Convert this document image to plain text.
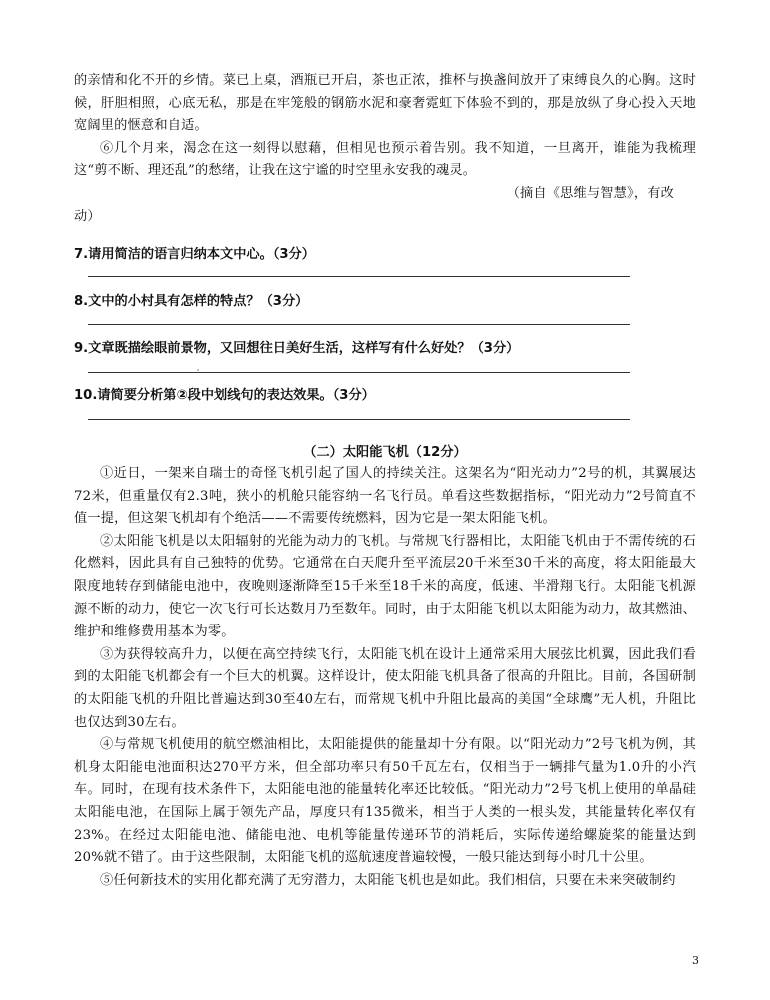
的亲情和化不开的乡情。菜已上桌，酒瓶已开启，茶也正浓，推杯与换盏间放开了束缚良久的心胸。这时候，肝胆相照，心底无私，那是在牢笼般的钢筋水泥和豪奢霓虹下体验不到的，那是放纵了身心投入天地宽阔里的惬意和自适。

⑥几个月来，渴念在这一刻得以慰藉，但相见也预示着告别。我不知道，一旦离开，谁能为我梳理这“剪不断、理还乱”的愁绪，让我在这宁谧的时空里永安我的魂灵。

（摘自《思维与智慧》，有改

动）

7.请用简洁的语言归纳本文中心。（3分）
8.文中的小村具有怎样的特点？（3分）
9.文章既描绘眼前景物，又回想往日美好生活，这样写有什么好处？（3分）
10.请简要分析第②段中划线句的表达效果。（3分）
（二）太阳能飞机（12分）

①近日，一架来自瑞士的奇怪飞机引起了国人的持续关注。这架名为“阳光动力”2号的机，其翼展达72米，但重量仅有2.3吨，狭小的机舱只能容纳一名飞行员。单看这些数据指标，“阳光动力”2号简直不值一提，但这架飞机却有个绝活——不需要传统燃料，因为它是一架太阳能飞机。

②太阳能飞机是以太阳辐射的光能为动力的飞机。与常规飞行器相比，太阳能飞机由于不需传统的石化燃料，因此具有自己独特的优势。它通常在白天爬升至平流层20千米至30千米的高度，将太阳能最大限度地转存到储能电池中，夜晚则逐渐降至15千米至18千米的高度，低速、半滑翔飞行。太阳能飞机源源不断的动力，使它一次飞行可长达数月乃至数年。同时，由于太阳能飞机以太阳能为动力，故其燃油、维护和维修费用基本为零。

③为获得较高升力，以便在高空持续飞行，太阳能飞机在设计上通常采用大展弦比机翼，因此我们看到的太阳能飞机都会有一个巨大的机翼。这样设计，使太阳能飞机具备了很高的升阻比。目前，各国研制的太阳能飞机的升阻比普遍达到30至40左右，而常规飞机中升阻比最高的美国“全球鹰”无人机，升阻比也仅达到30左右。

④与常规飞机使用的航空燃油相比，太阳能提供的能量却十分有限。以“阳光动力”2号飞机为例，其机身太阳能电池面积达270平方米，但全部功率只有50千瓦左右，仅相当于一辆排气量为1.0升的小汽车。同时，在现有技术条件下，太阳能电池的能量转化率还比较低。“阳光动力”2号飞机上使用的单晶硅太阳能电池，在国际上属于领先产品，厚度只有135微米，相当于人类的一根头发，其能量转化率仅有23%。在经过太阳能电池、储能电池、电机等能量传递环节的消耗后，实际传递给螺旋桨的能量达到20%就不错了。由于这些限制，太阳能飞机的巡航速度普遍较慢，一般只能达到每小时几十公里。

⑤任何新技术的实用化都充满了无穷潜力，太阳能飞机也是如此。我们相信，只要在未来突破制约

3
